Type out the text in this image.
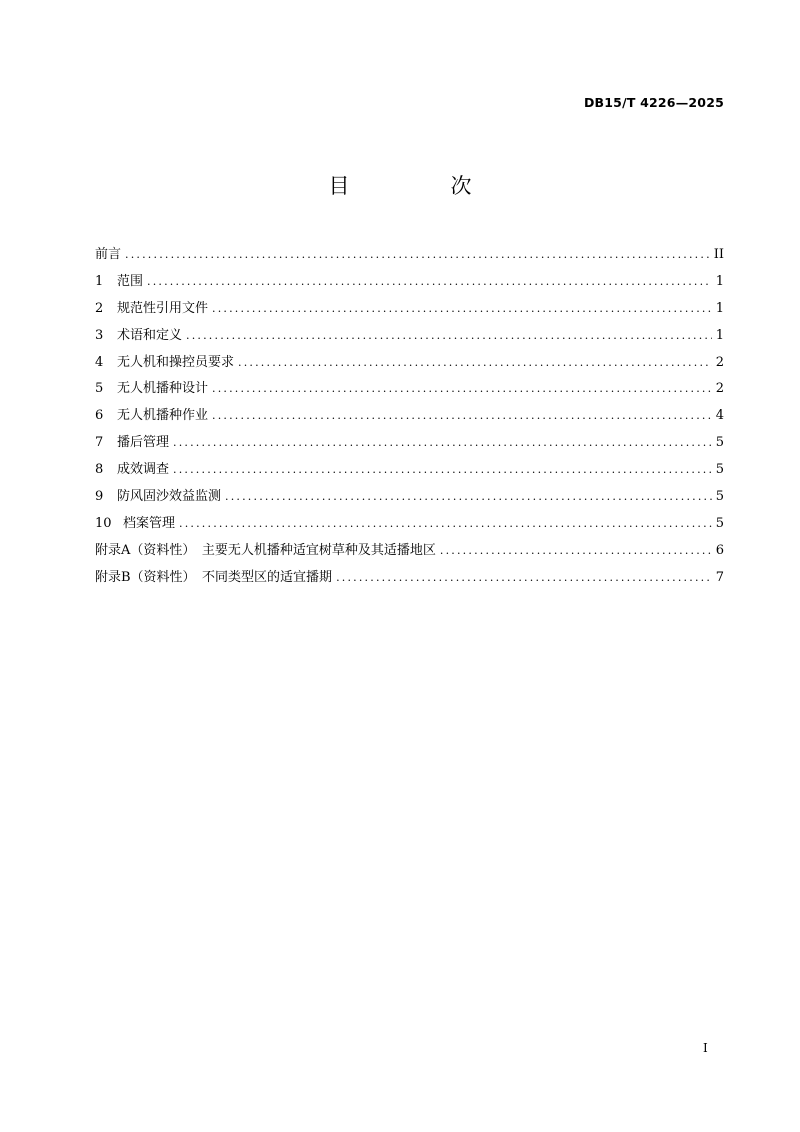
DB15/T 4226—2025
目　次
前言 .....	II
1 范围 .....	1
2 规范性引用文件 .....	1
3 术语和定义 .....	1
4 无人机和操控员要求 .....	2
5 无人机播种设计 .....	2
6 无人机播种作业 .....	4
7 播后管理 .....	5
8 成效调查 .....	5
9 防风固沙效益监测 .....	5
10 档案管理 .....	5
附录A（资料性）　主要无人机播种适宜树草种及其适播地区 .....	6
附录B（资料性）　不同类型区的适宜播期 .....	7
I
